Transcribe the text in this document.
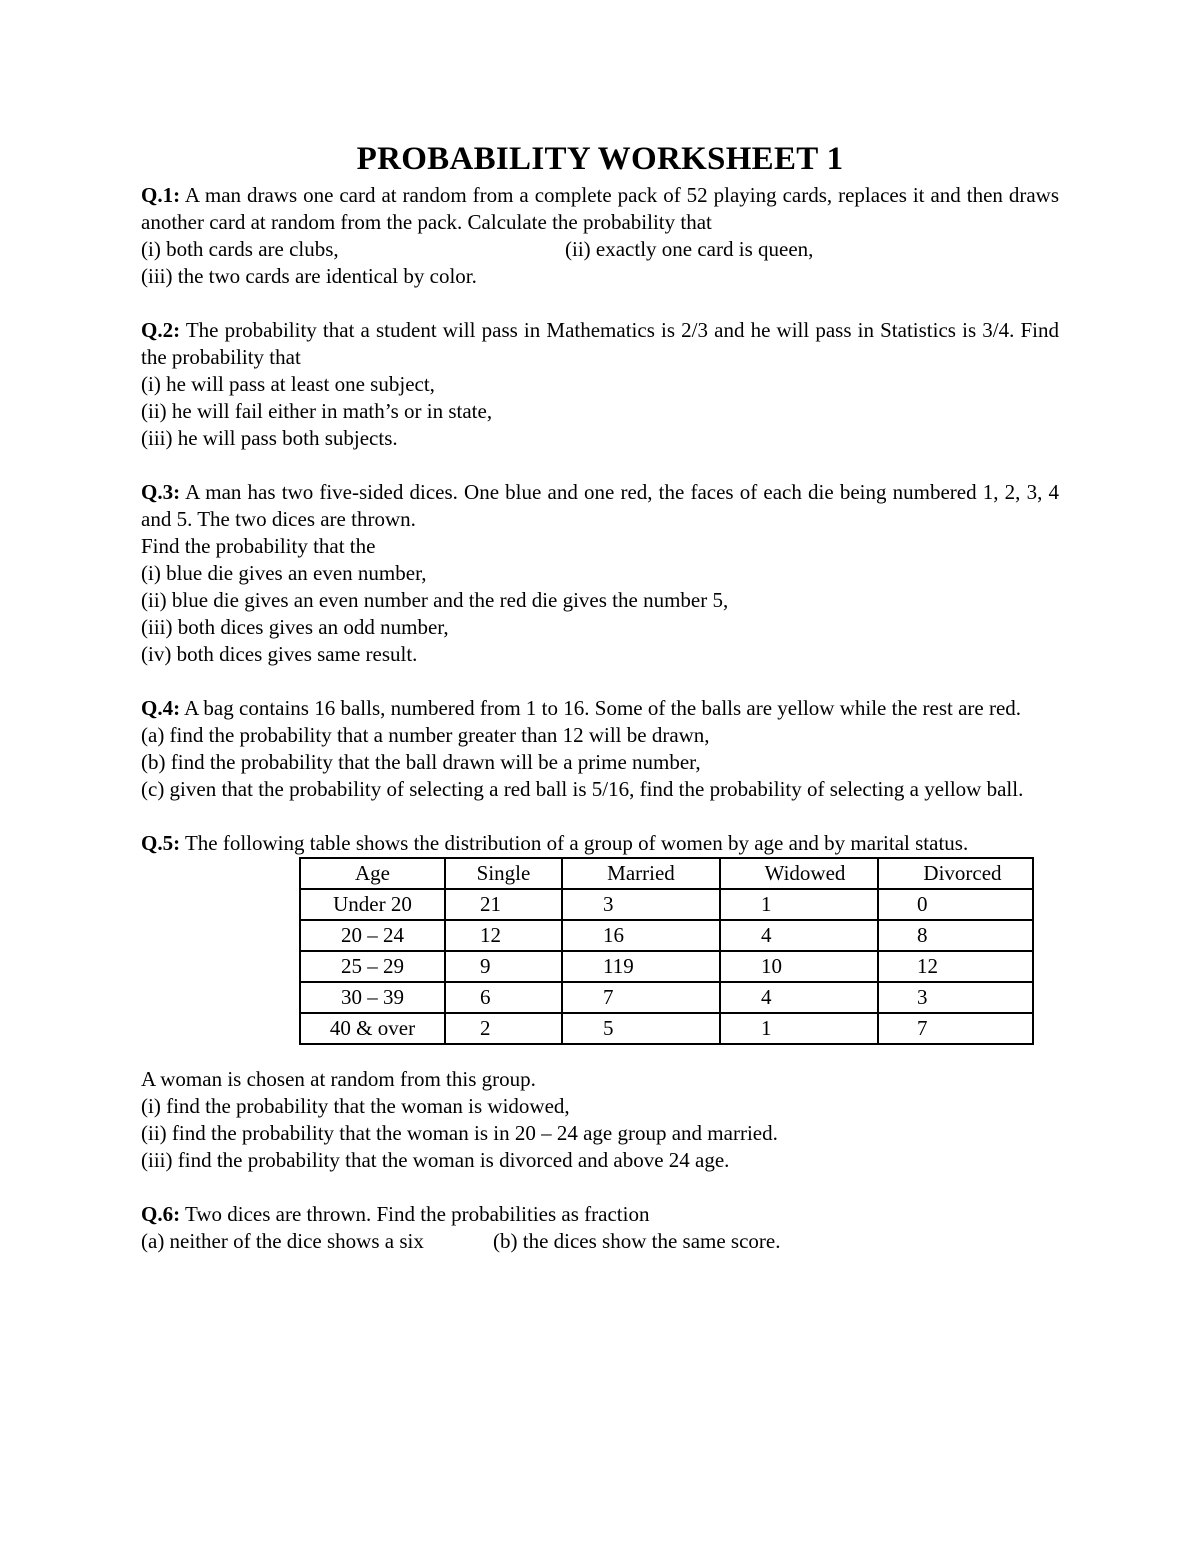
PROBABILITY WORKSHEET 1

Q.1: A man draws one card at random from a complete pack of 52 playing cards, replaces it and then draws another card at random from the pack. Calculate the probability that

(i) both cards are clubs,	(ii) exactly one card is queen,

(iii) the two cards are identical by color.

Q.2: The probability that a student will pass in Mathematics is 2/3 and he will pass in Statistics is 3/4. Find the probability that

(i) he will pass at least one subject,

(ii) he will fail either in math’s or in state,

(iii) he will pass both subjects.

Q.3: A man has two five-sided dices. One blue and one red, the faces of each die being numbered 1, 2, 3, 4 and 5. The two dices are thrown.

Find the probability that the

(i) blue die gives an even number,

(ii) blue die gives an even number and the red die gives the number 5,

(iii) both dices gives an odd number,

(iv) both dices gives same result.

Q.4: A bag contains 16 balls, numbered from 1 to 16. Some of the balls are yellow while the rest are red.

(a) find the probability that a number greater than 12 will be drawn,

(b) find the probability that the ball drawn will be a prime number,

(c) given that the probability of selecting a red ball is 5/16, find the probability of selecting a yellow ball.

Q.5: The following table shows the distribution of a group of women by age and by marital status.

Age	Single	Married	Widowed	Divorced
Under 20	21	3	1	0
20 – 24	12	16	4	8
25 – 29	9	119	10	12
30 – 39	6	7	4	3
40 & over	2	5	1	7

A woman is chosen at random from this group.

(i) find the probability that the woman is widowed,

(ii) find the probability that the woman is in 20 – 24 age group and married.

(iii) find the probability that the woman is divorced and above 24 age.

Q.6: Two dices are thrown. Find the probabilities as fraction

(a) neither of the dice shows a six	(b) the dices show the same score.
